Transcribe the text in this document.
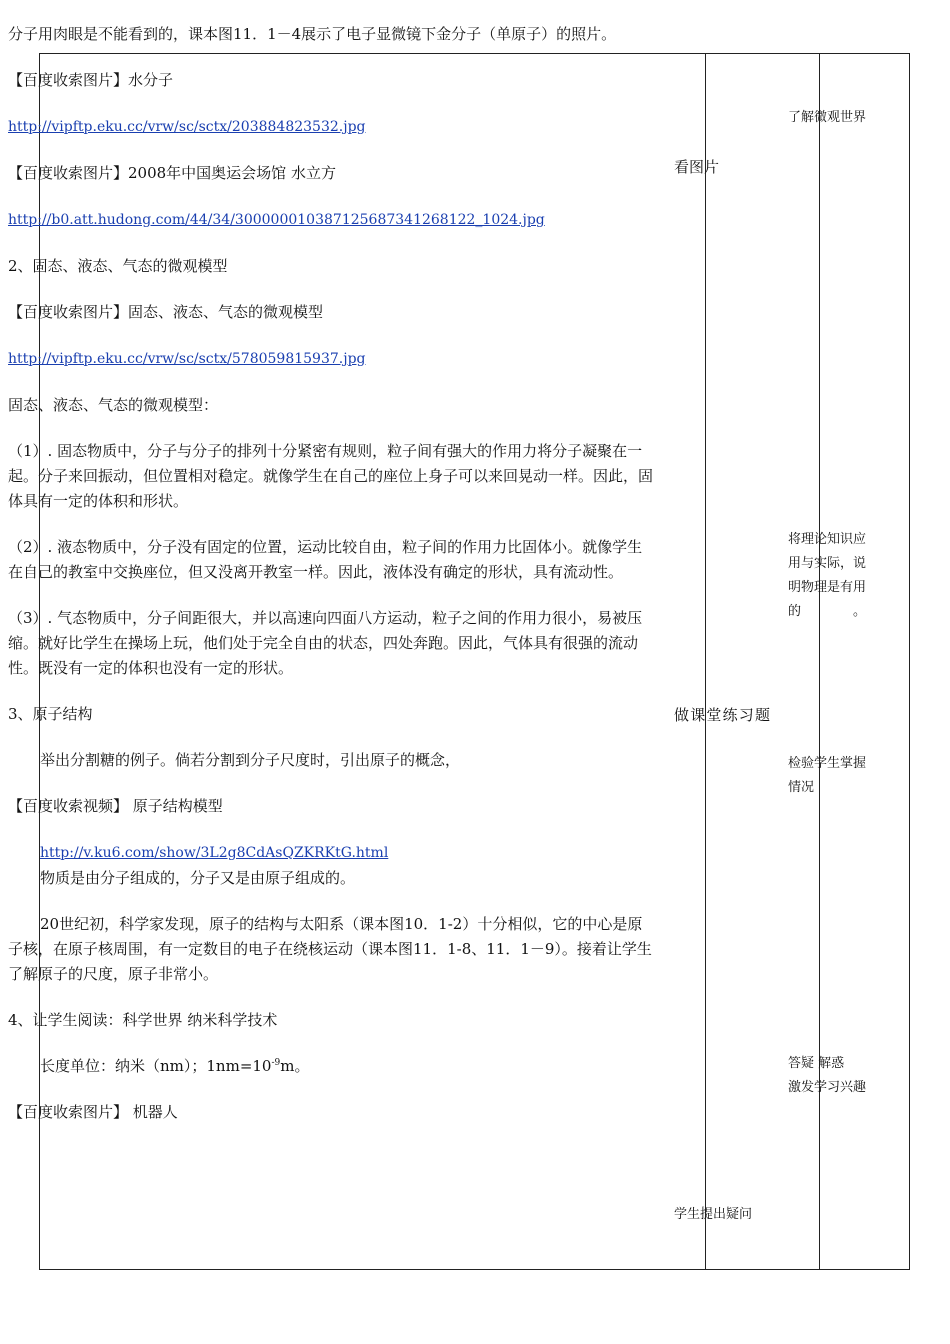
分子用肉眼是不能看到的，课本图11．1－4展示了电子显微镜下金分子（单原子）的照片。

【百度收索图片】水分子

http://vipftp.eku.cc/vrw/sc/sctx/203884823532.jpg

【百度收索图片】2008年中国奥运会场馆 水立方

http://b0.att.hudong.com/44/34/300000010387125687341268122_1024.jpg

2、固态、液态、气态的微观模型

【百度收索图片】固态、液态、气态的微观模型

http://vipftp.eku.cc/vrw/sc/sctx/578059815937.jpg

固态、液态、气态的微观模型：

（1）. 固态物质中，分子与分子的排列十分紧密有规则，粒子间有强大的作用力将分子凝聚在一起。分子来回振动，但位置相对稳定。就像学生在自己的座位上身子可以来回晃动一样。因此，固体具有一定的体积和形状。

（2）. 液态物质中，分子没有固定的位置，运动比较自由，粒子间的作用力比固体小。就像学生在自己的教室中交换座位，但又没离开教室一样。因此，液体没有确定的形状，具有流动性。

（3）. 气态物质中，分子间距很大，并以高速向四面八方运动，粒子之间的作用力很小，易被压缩。就好比学生在操场上玩，他们处于完全自由的状态，四处奔跑。因此，气体具有很强的流动性。既没有一定的体积也没有一定的形状。

3、原子结构

举出分割糖的例子。倘若分割到分子尺度时，引出原子的概念，

【百度收索视频】 原子结构模型

http://v.ku6.com/show/3L2g8CdAsQZKRKtG.html

物质是由分子组成的，分子又是由原子组成的。

20世纪初，科学家发现，原子的结构与太阳系（课本图10．1-2）十分相似，它的中心是原子核，在原子核周围，有一定数目的电子在绕核运动（课本图11．1-8、11．1－9）。接着让学生了解原子的尺度，原子非常小。

4、让学生阅读：科学世界 纳米科学技术

长度单位：纳米（nm）；$1nm=10^{-9}m$。

【百度收索图片】 机器人

看图片
做课堂练习题
学生提出疑问
了解微观世界
将理论知识应用与实际，说明物理是有用的。
检验学生掌握情况
答疑 解惑
激发学习兴趣
